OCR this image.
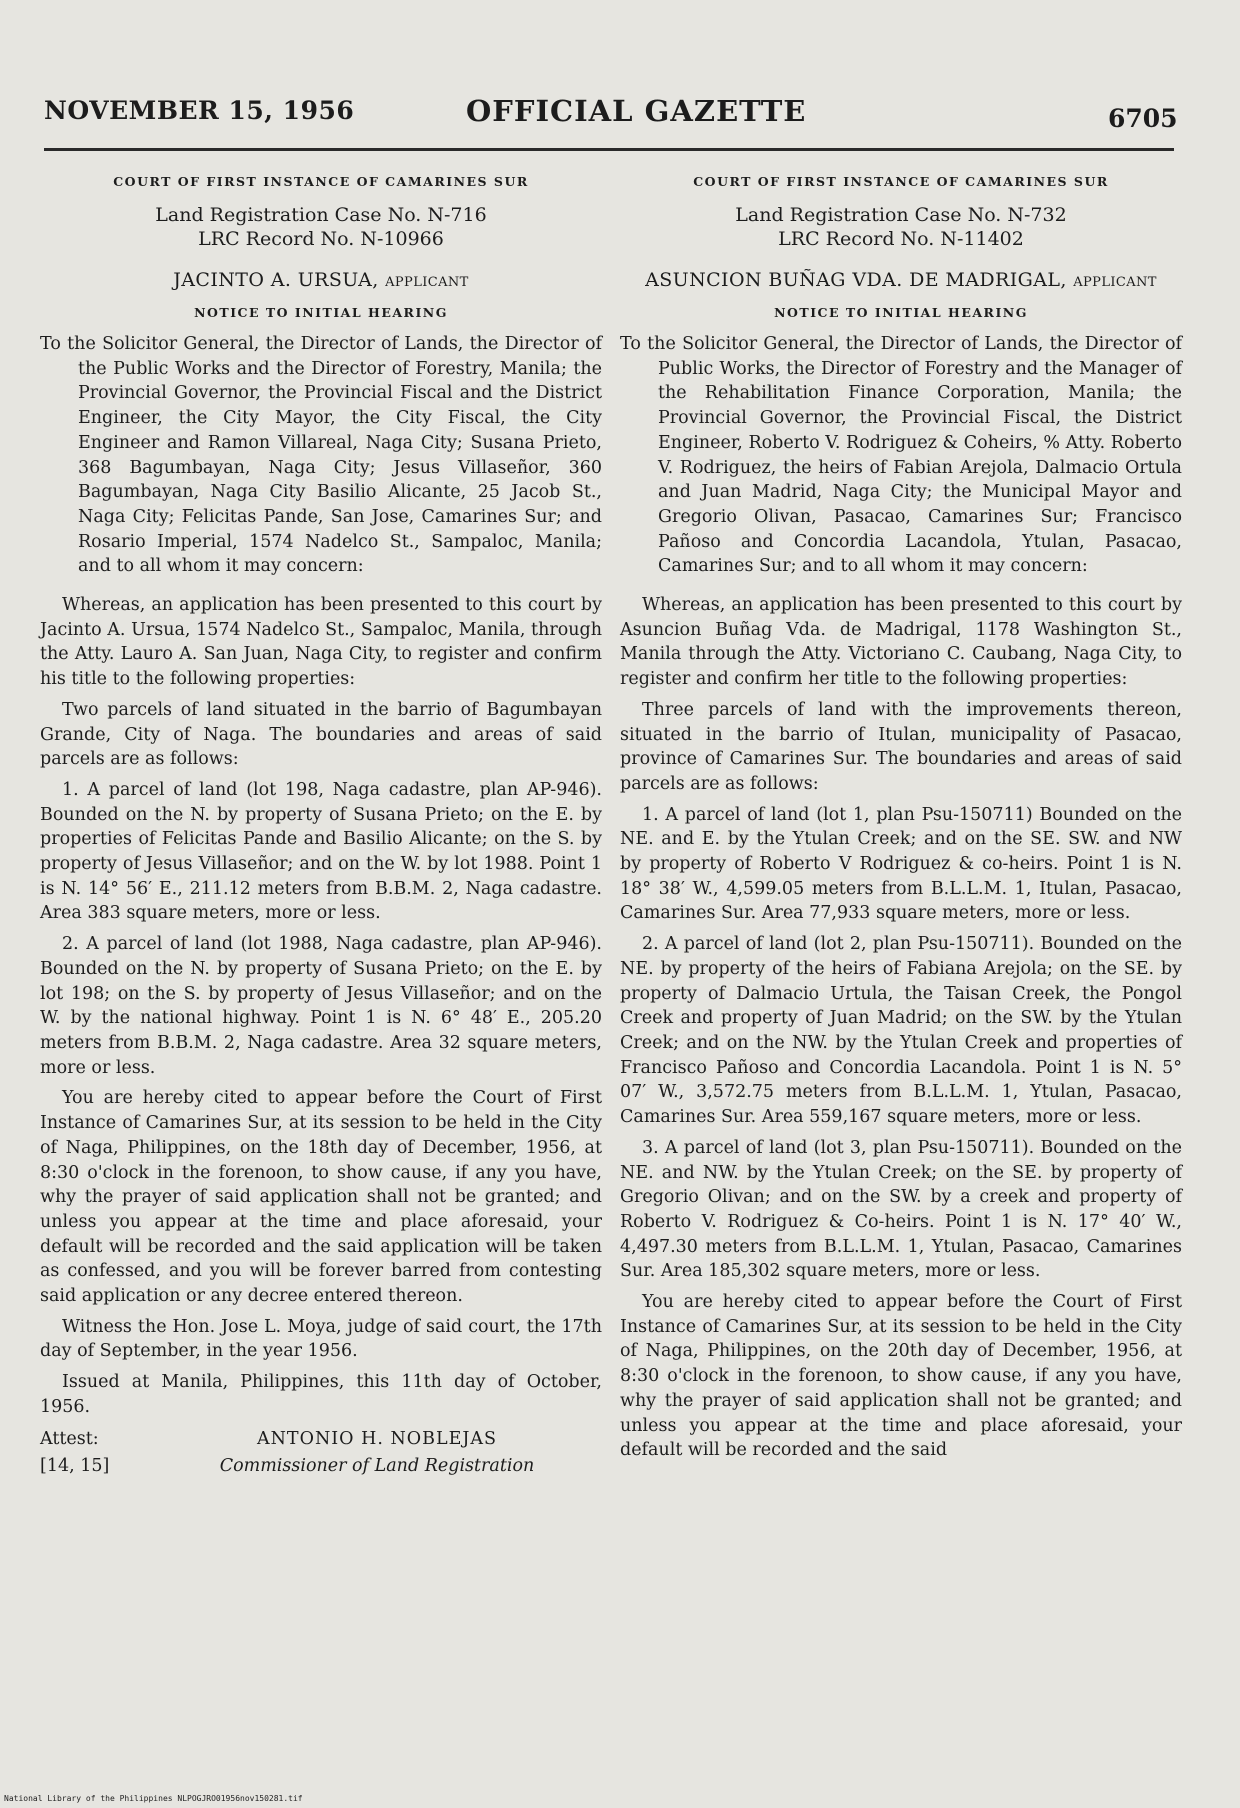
NOVEMBER 15, 1956	OFFICIAL GAZETTE	6705
COURT OF FIRST INSTANCE OF CAMARINES SUR
Land Registration Case No. N-716
LRC Record No. N-10966
JACINTO A. URSUA, applicant
NOTICE TO INITIAL HEARING

To the Solicitor General, the Director of Lands, the Director of the Public Works and the Director of Forestry, Manila; the Provincial Governor, the Provincial Fiscal and the District Engineer, the City Mayor, the City Fiscal, the City Engineer and Ramon Villareal, Naga City; Susana Prieto, 368 Bagumbayan, Naga City; Jesus Villaseñor, 360 Bagumbayan, Naga City Basilio Alicante, 25 Jacob St., Naga City; Felicitas Pande, San Jose, Camarines Sur; and Rosario Imperial, 1574 Nadelco St., Sampaloc, Manila; and to all whom it may concern:

Whereas, an application has been presented to this court by Jacinto A. Ursua, 1574 Nadelco St., Sampaloc, Manila, through the Atty. Lauro A. San Juan, Naga City, to register and confirm his title to the following properties:

Two parcels of land situated in the barrio of Bagumbayan Grande, City of Naga. The boundaries and areas of said parcels are as follows:

1. A parcel of land (lot 198, Naga cadastre, plan AP-946). Bounded on the N. by property of Susana Prieto; on the E. by properties of Felicitas Pande and Basilio Alicante; on the S. by property of Jesus Villaseñor; and on the W. by lot 1988. Point 1 is N. 14° 56′ E., 211.12 meters from B.B.M. 2, Naga cadastre. Area 383 square meters, more or less.

2. A parcel of land (lot 1988, Naga cadastre, plan AP-946). Bounded on the N. by property of Susana Prieto; on the E. by lot 198; on the S. by property of Jesus Villaseñor; and on the W. by the national highway. Point 1 is N. 6° 48′ E., 205.20 meters from B.B.M. 2, Naga cadastre. Area 32 square meters, more or less.

You are hereby cited to appear before the Court of First Instance of Camarines Sur, at its session to be held in the City of Naga, Philippines, on the 18th day of December, 1956, at 8:30 o'clock in the forenoon, to show cause, if any you have, why the prayer of said application shall not be granted; and unless you appear at the time and place aforesaid, your default will be recorded and the said application will be taken as confessed, and you will be forever barred from contesting said application or any decree entered thereon.

Witness the Hon. Jose L. Moya, judge of said court, the 17th day of September, in the year 1956.

Issued at Manila, Philippines, this 11th day of October, 1956.

Attest:	ANTONIO H. NOBLEJAS
[14, 15]	Commissioner of Land Registration
COURT OF FIRST INSTANCE OF CAMARINES SUR
Land Registration Case No. N-732
LRC Record No. N-11402
ASUNCION BUÑAG VDA. DE MADRIGAL, applicant
NOTICE TO INITIAL HEARING

To the Solicitor General, the Director of Lands, the Director of Public Works, the Director of Forestry and the Manager of the Rehabilitation Finance Corporation, Manila; the Provincial Governor, the Provincial Fiscal, the District Engineer, Roberto V. Rodriguez & Coheirs, % Atty. Roberto V. Rodriguez, the heirs of Fabian Arejola, Dalmacio Ortula and Juan Madrid, Naga City; the Municipal Mayor and Gregorio Olivan, Pasacao, Camarines Sur; Francisco Pañoso and Concordia Lacandola, Ytulan, Pasacao, Camarines Sur; and to all whom it may concern:

Whereas, an application has been presented to this court by Asuncion Buñag Vda. de Madrigal, 1178 Washington St., Manila through the Atty. Victoriano C. Caubang, Naga City, to register and confirm her title to the following properties:

Three parcels of land with the improvements thereon, situated in the barrio of Itulan, municipality of Pasacao, province of Camarines Sur. The boundaries and areas of said parcels are as follows:

1. A parcel of land (lot 1, plan Psu-150711) Bounded on the NE. and E. by the Ytulan Creek; and on the SE. SW. and NW by property of Roberto V Rodriguez & co-heirs. Point 1 is N. 18° 38′ W., 4,599.05 meters from B.L.L.M. 1, Itulan, Pasacao, Camarines Sur. Area 77,933 square meters, more or less.

2. A parcel of land (lot 2, plan Psu-150711). Bounded on the NE. by property of the heirs of Fabiana Arejola; on the SE. by property of Dalmacio Urtula, the Taisan Creek, the Pongol Creek and property of Juan Madrid; on the SW. by the Ytulan Creek; and on the NW. by the Ytulan Creek and properties of Francisco Pañoso and Concordia Lacandola. Point 1 is N. 5° 07′ W., 3,572.75 meters from B.L.L.M. 1, Ytulan, Pasacao, Camarines Sur. Area 559,167 square meters, more or less.

3. A parcel of land (lot 3, plan Psu-150711). Bounded on the NE. and NW. by the Ytulan Creek; on the SE. by property of Gregorio Olivan; and on the SW. by a creek and property of Roberto V. Rodriguez & Co-heirs. Point 1 is N. 17° 40′ W., 4,497.30 meters from B.L.L.M. 1, Ytulan, Pasacao, Camarines Sur. Area 185,302 square meters, more or less.

You are hereby cited to appear before the Court of First Instance of Camarines Sur, at its session to be held in the City of Naga, Philippines, on the 20th day of December, 1956, at 8:30 o'clock in the forenoon, to show cause, if any you have, why the prayer of said application shall not be granted; and unless you appear at the time and place aforesaid, your default will be recorded and the said

National Library of the Philippines NLPOGJRO01956nov150281.tif
